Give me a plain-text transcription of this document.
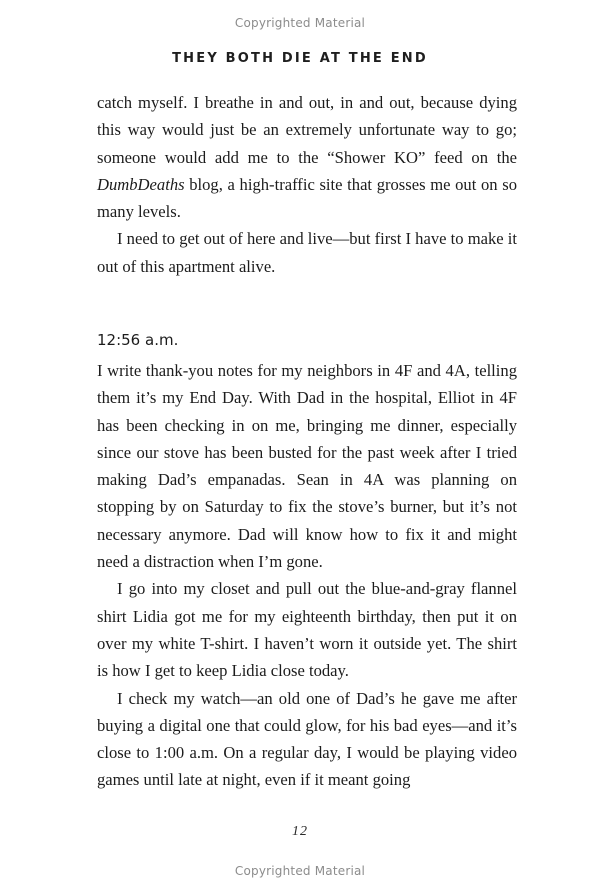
Copyrighted Material
THEY BOTH DIE AT THE END

catch myself. I breathe in and out, in and out, because dying this way would just be an extremely unfortunate way to go; someone would add me to the “Shower KO” feed on the DumbDeaths blog, a high-traffic site that grosses me out on so many levels.

I need to get out of here and live—but first I have to make it out of this apartment alive.

12:56 a.m.

I write thank-you notes for my neighbors in 4F and 4A, telling them it’s my End Day. With Dad in the hospital, Elliot in 4F has been checking in on me, bringing me dinner, especially since our stove has been busted for the past week after I tried making Dad’s empanadas. Sean in 4A was planning on stopping by on Saturday to fix the stove’s burner, but it’s not necessary anymore. Dad will know how to fix it and might need a distraction when I’m gone.

I go into my closet and pull out the blue-and-gray flannel shirt Lidia got me for my eighteenth birthday, then put it on over my white T-shirt. I haven’t worn it outside yet. The shirt is how I get to keep Lidia close today.

I check my watch—an old one of Dad’s he gave me after buying a digital one that could glow, for his bad eyes—and it’s close to 1:00 a.m. On a regular day, I would be playing video games until late at night, even if it meant going

12
Copyrighted Material
